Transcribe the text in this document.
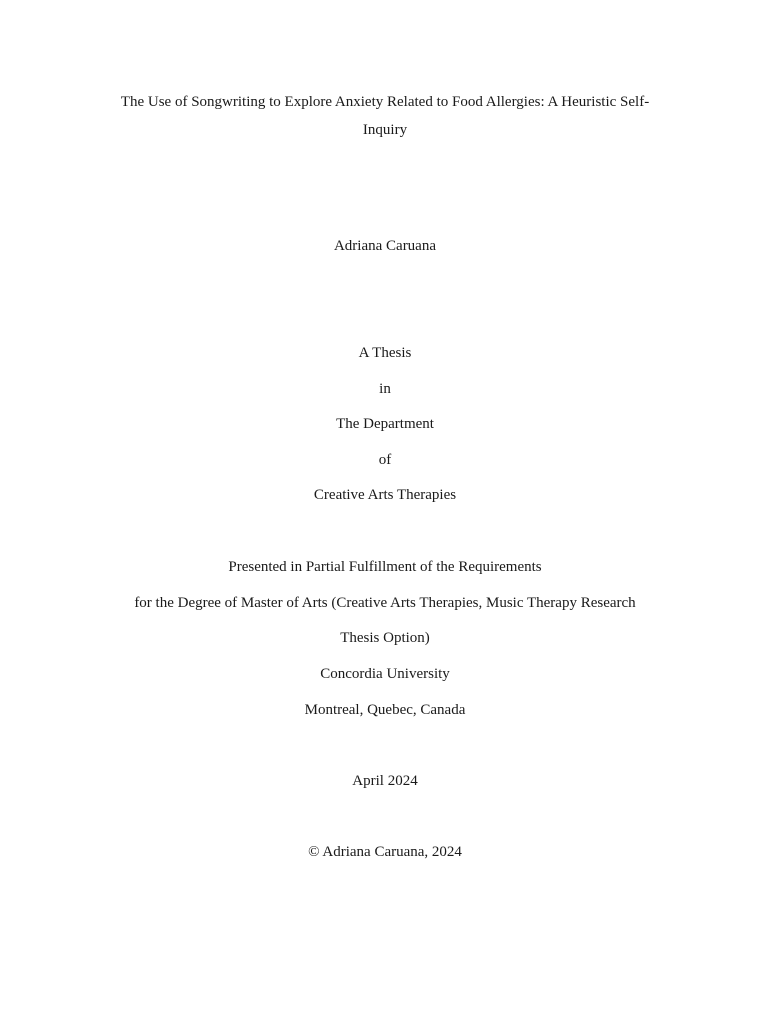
The Use of Songwriting to Explore Anxiety Related to Food Allergies: A Heuristic Self-
Inquiry
Adriana Caruana
A Thesis
in
The Department
of
Creative Arts Therapies
Presented in Partial Fulfillment of the Requirements
for the Degree of Master of Arts (Creative Arts Therapies, Music Therapy Research
Thesis Option)
Concordia University
Montreal, Quebec, Canada
April 2024
© Adriana Caruana, 2024
